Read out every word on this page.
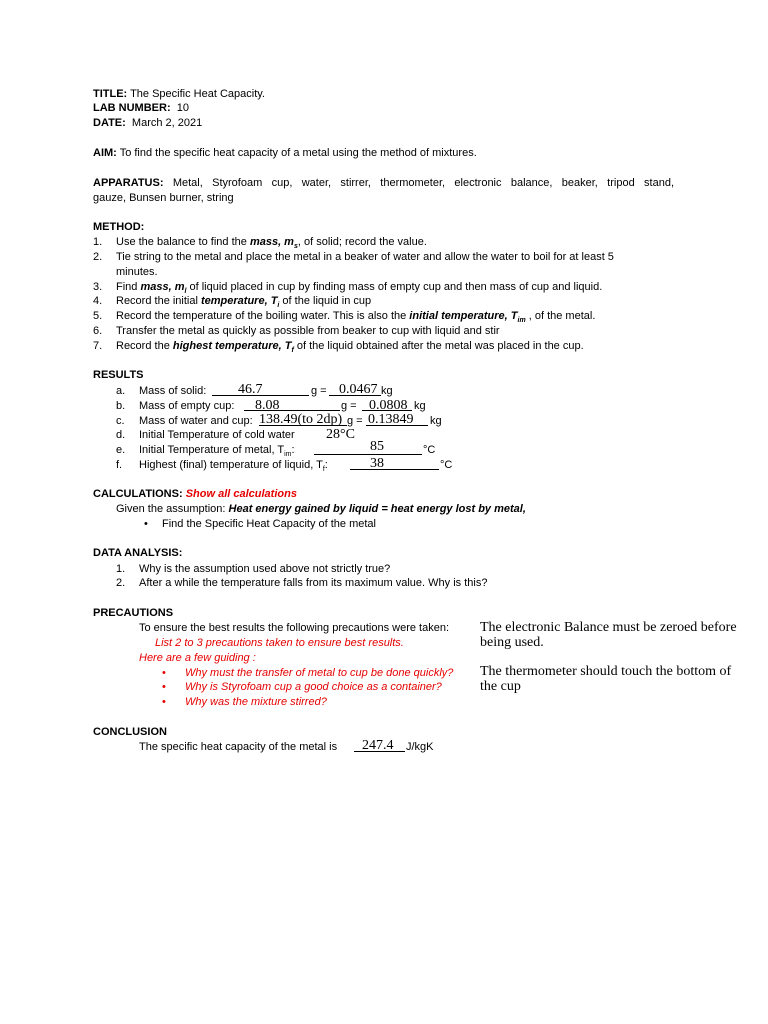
TITLE: The Specific Heat Capacity.
LAB NUMBER: 10
DATE: March 2, 2021
AIM: To find the specific heat capacity of a metal using the method of mixtures.
APPARATUS: Metal, Styrofoam cup, water, stirrer, thermometer, electronic balance, beaker, tripod stand,
gauze, Bunsen burner, string
METHOD:
1. Use the balance to find the mass, $m_s$, of solid; record the value.
2. Tie string to the metal and place the metal in a beaker of water and allow the water to boil for at least 5
minutes.
3. Find mass, $m_l$ of liquid placed in cup by finding mass of empty cup and then mass of cup and liquid.
4. Record the initial temperature, $T_i$ of the liquid in cup
5. Record the temperature of the boiling water. This is also the initial temperature, $T_{im}$ , of the metal.
6. Transfer the metal as quickly as possible from beaker to cup with liquid and stir
7. Record the highest temperature, $T_f$ of the liquid obtained after the metal was placed in the cup.
RESULTS
a. Mass of solid: 46.7	g = 0.0467 kg
b. Mass of empty cup: 8.08	g = 0.0808 kg
c. Mass of water and cup: 138.49(to 2dp) g = 0.13849 kg
d. Initial Temperature of cold water 28°C
e. Initial Temperature of metal, $T_{im}$:	85	°C
f. Highest (final) temperature of liquid, $T_f$:	38	°C
CALCULATIONS: Show all calculations
Given the assumption: Heat energy gained by liquid = heat energy lost by metal,
• Find the Specific Heat Capacity of the metal
DATA ANALYSIS:
1. Why is the assumption used above not strictly true?
2. After a while the temperature falls from its maximum value. Why is this?
PRECAUTIONS
To ensure the best results the following precautions were taken:
List 2 to 3 precautions taken to ensure best results.
Here are a few guiding :
• Why must the transfer of metal to cup be done quickly?
• Why is Styrofoam cup a good choice as a container?
• Why was the mixture stirred?
The electronic Balance must be zeroed before
being used.
The thermometer should touch the bottom of
the cup
CONCLUSION
The specific heat capacity of the metal is 247.4 J/kgK
